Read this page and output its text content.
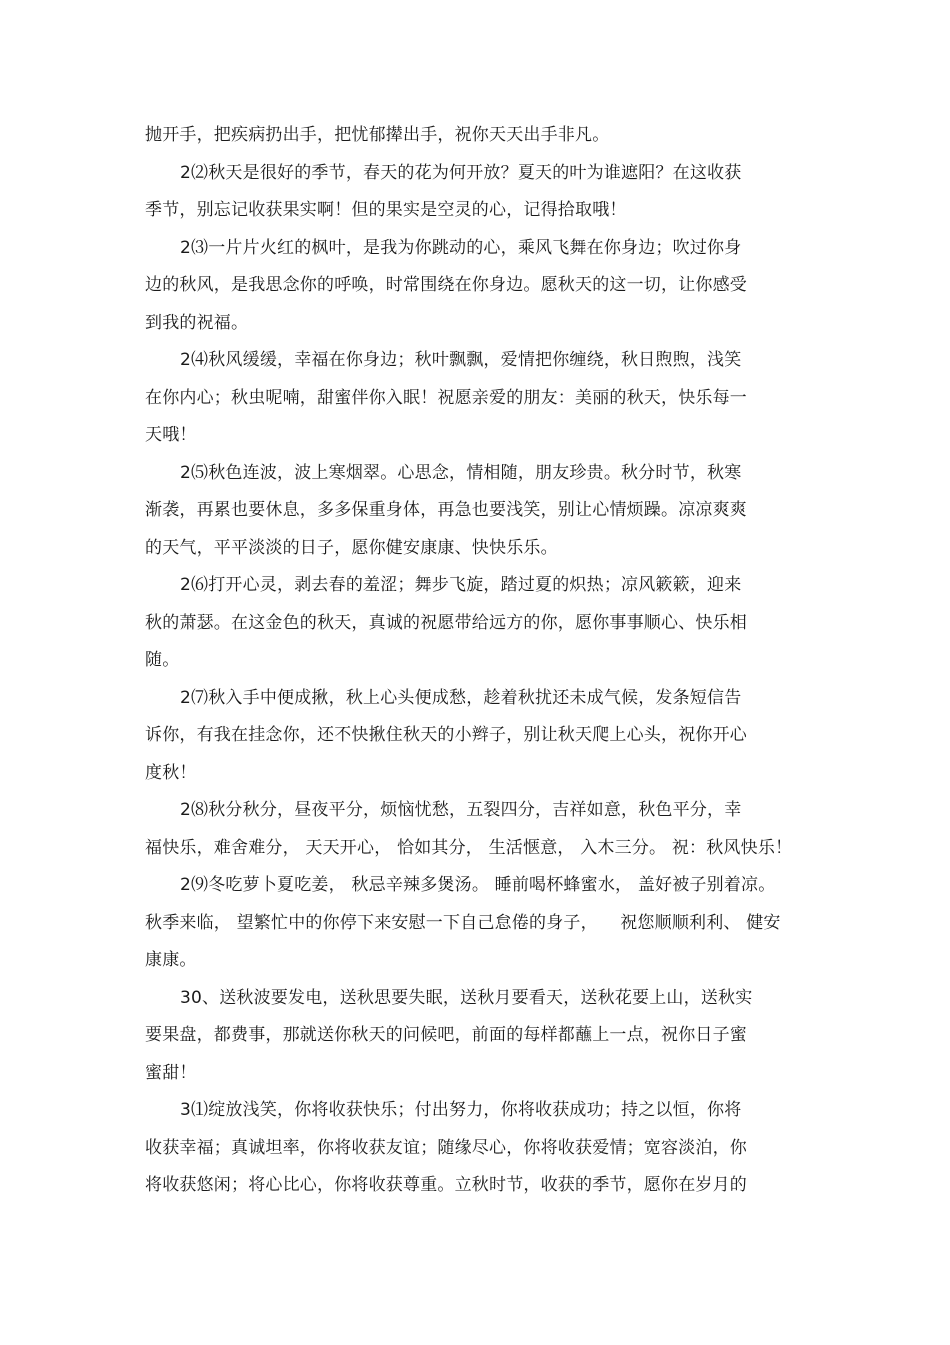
抛开手，把疾病扔出手，把忧郁撵出手，祝你天天出手非凡。
2⑵秋天是很好的季节，春天的花为何开放？夏天的叶为谁遮阳？在这收获
季节，别忘记收获果实啊！但的果实是空灵的心，记得拾取哦！
2⑶一片片火红的枫叶，是我为你跳动的心，乘风飞舞在你身边；吹过你身
边的秋风，是我思念你的呼唤，时常围绕在你身边。愿秋天的这一切，让你感受
到我的祝福。
2⑷秋风缓缓，幸福在你身边；秋叶飘飘，爱情把你缠绕，秋日煦煦，浅笑
在你内心；秋虫呢喃，甜蜜伴你入眠！祝愿亲爱的朋友：美丽的秋天，快乐每一
天哦！
2⑸秋色连波，波上寒烟翠。心思念，情相随，朋友珍贵。秋分时节，秋寒
渐袭，再累也要休息，多多保重身体，再急也要浅笑，别让心情烦躁。凉凉爽爽
的天气，平平淡淡的日子，愿你健安康康、快快乐乐。
2⑹打开心灵，剥去春的羞涩；舞步飞旋，踏过夏的炽热；凉风簌簌，迎来
秋的萧瑟。在这金色的秋天，真诚的祝愿带给远方的你，愿你事事顺心、快乐相
随。
2⑺秋入手中便成揪，秋上心头便成愁，趁着秋扰还未成气候，发条短信告
诉你，有我在挂念你，还不快揪住秋天的小辫子，别让秋天爬上心头，祝你开心
度秋！
2⑻秋分秋分，昼夜平分，烦恼忧愁，五裂四分，吉祥如意，秋色平分，幸
福快乐，难舍难分， 天天开心， 恰如其分， 生活惬意， 入木三分。 祝：秋风快乐！
2⑼冬吃萝卜夏吃姜， 秋忌辛辣多煲汤。 睡前喝杯蜂蜜水， 盖好被子别着凉。
秋季来临， 望繁忙中的你停下来安慰一下自己怠倦的身子，    祝您顺顺利利、 健安
康康。
30、送秋波要发电，送秋思要失眠，送秋月要看天，送秋花要上山，送秋实
要果盘，都费事，那就送你秋天的问候吧，前面的每样都蘸上一点，祝你日子蜜
蜜甜！
3⑴绽放浅笑，你将收获快乐；付出努力，你将收获成功；持之以恒，你将
收获幸福；真诚坦率，你将收获友谊；随缘尽心，你将收获爱情；宽容淡泊，你
将收获悠闲；将心比心，你将收获尊重。立秋时节，收获的季节，愿你在岁月的
